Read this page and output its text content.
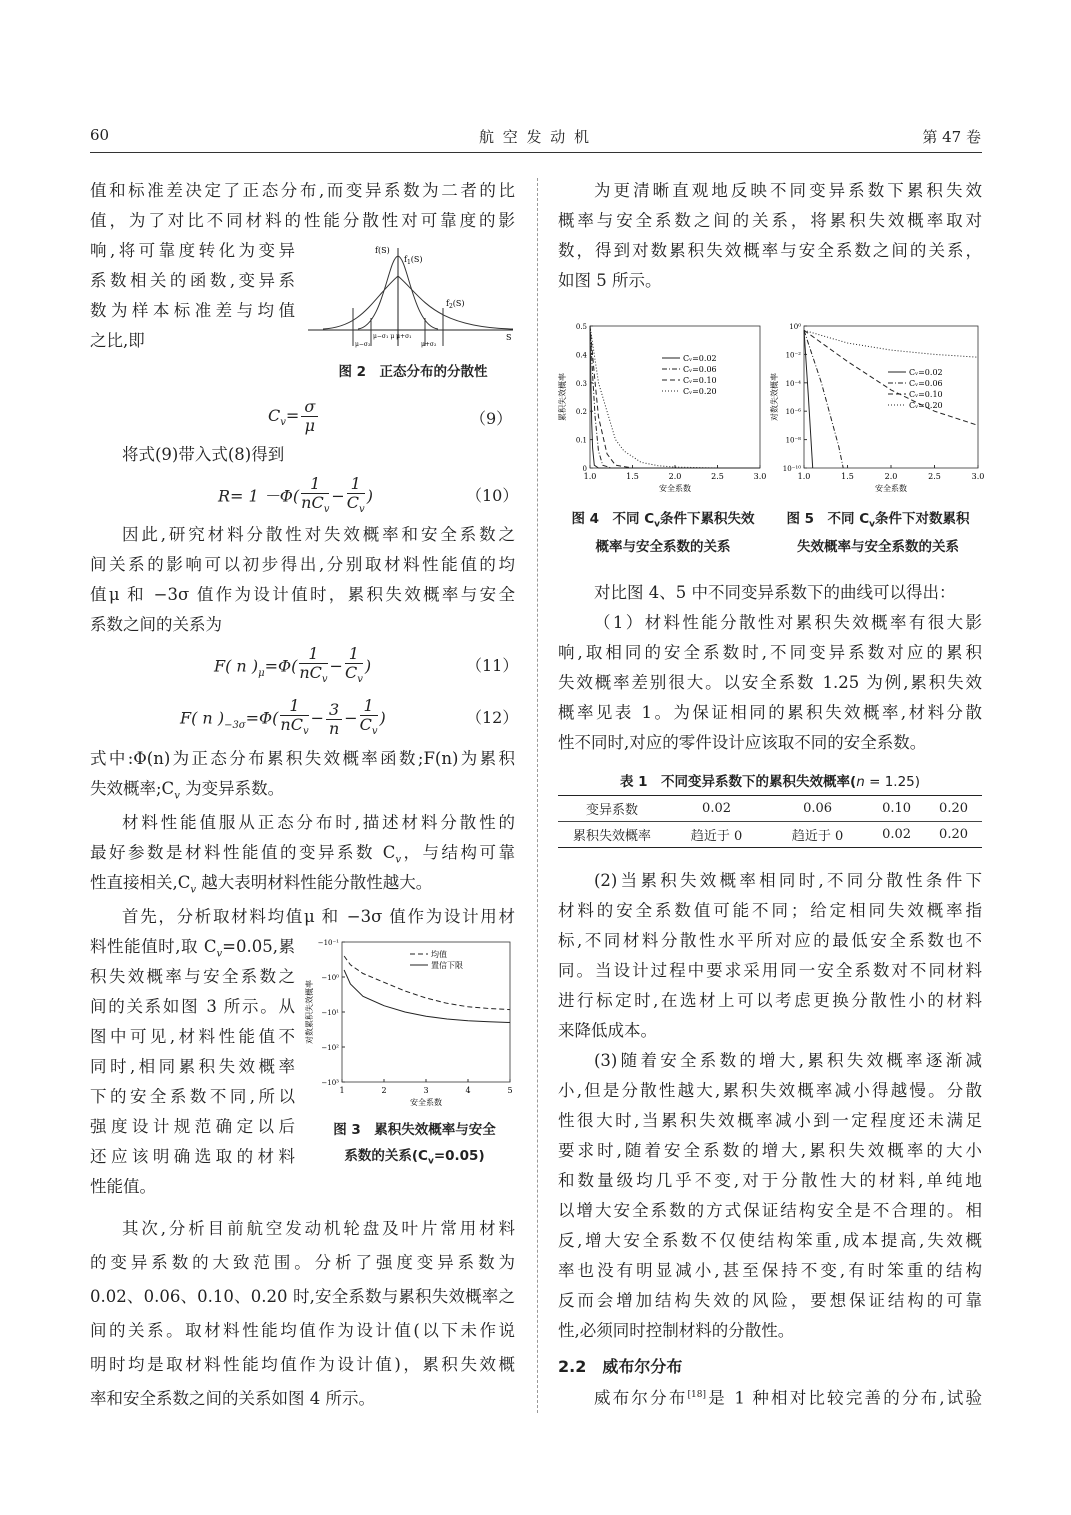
60	航 空 发 动 机	第 47 卷

值和标准差决定了正态分布,而变异系数为二者的比

值，为了对比不同材料的性能分散性对可靠度的影

响,将可靠度转化为变异

系数相关的函数,变异系

数为样本标准差与均值

之比,即

f(S)
$f_1(S)$
$f_2(S)$
S
μ−σ₁ μ μ+σ₁
μ−σ₂	μ+σ₂
图 2　正态分布的分散性
$C_v= \frac{\sigma}{\mu}$	（9）

将式(9)带入式(8)得到

$R= 1 -\Phi( \frac{1}{nC_v} - \frac{1}{C_v}$ )	（10）

因此,研究材料分散性对失效概率和安全系数之

间关系的影响可以初步得出,分别取材料性能值的均

值μ 和 −3σ 值作为设计值时，累积失效概率与安全

系数之间的关系为

F( n )$_\mu=\Phi( \frac{1}{nC_v} - \frac{1}{C_v}$ )	（11）
F( n )$_{-3\sigma}=\Phi( \frac{1}{nC_v} - \frac{3}{n} - \frac{1}{C_v}$ )	（12）

式中:Φ(n)为正态分布累积失效概率函数;F(n)为累积

失效概率$;C_v$ 为变异系数。

材料性能值服从正态分布时,描述材料分散性的

最好参数是材料性能值的变异系数 $C_v$，与结构可靠

性直接相关$,C_v$ 越大表明材料性能分散性越大。

首先，分析取材料均值μ 和 −3σ 值作为设计用材

料性能值时,取 $C_v=0.05$,累

积失效概率与安全系数之

间的关系如图 3 所示。从

图中可见,材料性能值不

同时,相同累积失效概率

下的安全系数不同,所以

强度设计规范确定以后

还应该明确选取的材料

性能值。

1	2	3	4	5
−10⁻¹
−10⁰
−10¹
−10²
−10³
安全系数
对数累积失效概率
均值
置信下限
图 3　累积失效概率与安全
系数的关系$(C_v=0.05)$

其次,分析目前航空发动机轮盘及叶片常用材料

的变异系数的大致范围。分析了强度变异系数为

0.02、0.06、0.10、0.20 时,安全系数与累积失效概率之

间的关系。取材料性能均值作为设计值(以下未作说

明时均是取材料性能均值作为设计值)，累积失效概

率和安全系数之间的关系如图 4 所示。

为更清晰直观地反映不同变异系数下累积失效

概率与安全系数之间的关系，将累积失效概率取对

数，得到对数累积失效概率与安全系数之间的关系，

如图 5 所示。

1.0	1.5	2.0	2.5	3.0
0
0.1
0.2
0.3
0.4
0.5
安全系数
累积失效概率
Cᵥ=0.02
Cᵥ=0.06
Cᵥ=0.10
Cᵥ=0.20
1.0	1.5	2.0	2.5	3.0
10⁰
10⁻²
10⁻⁴
10⁻⁶
10⁻⁸
10⁻¹⁰
安全系数
对数失效概率
Cᵥ=0.02
Cᵥ=0.06
Cᵥ=0.10
Cᵥ=0.20
图 4　不同 $C_v$条件下累积失效
概率与安全系数的关系
图 5　不同 $C_v$条件下对数累积
失效概率与安全系数的关系

对比图 4、5 中不同变异系数下的曲线可以得出：

（1）材料性能分散性对累积失效概率有很大影

响,取相同的安全系数时,不同变异系数对应的累积

失效概率差别很大。以安全系数 1.25 为例,累积失效

概率见表 1。为保证相同的累积失效概率,材料分散

性不同时,对应的零件设计应该取不同的安全系数。

表 1　不同变异系数下的累积失效概率(n = 1.25)
变异系数	0.02	0.06	0.10	0.20
累积失效概率	趋近于 0	趋近于 0	0.02	0.20

(2)当累积失效概率相同时,不同分散性条件下

材料的安全系数值可能不同；给定相同失效概率指

标,不同材料分散性水平所对应的最低安全系数也不

同。当设计过程中要求采用同一安全系数对不同材料

进行标定时,在选材上可以考虑更换分散性小的材料

来降低成本。

(3)随着安全系数的增大,累积失效概率逐渐减

小,但是分散性越大,累积失效概率减小得越慢。分散

性很大时,当累积失效概率减小到一定程度还未满足

要求时,随着安全系数的增大,累积失效概率的大小

和数量级均几乎不变,对于分散性大的材料,单纯地

以增大安全系数的方式保证结构安全是不合理的。相

反,增大安全系数不仅使结构笨重,成本提高,失效概

率也没有明显减小,甚至保持不变,有时笨重的结构

反而会增加结构失效的风险，要想保证结构的可靠

性,必须同时控制材料的分散性。

2.2　威布尔分布

威布尔分布[18]是 1 种相对比较完善的分布,试验
